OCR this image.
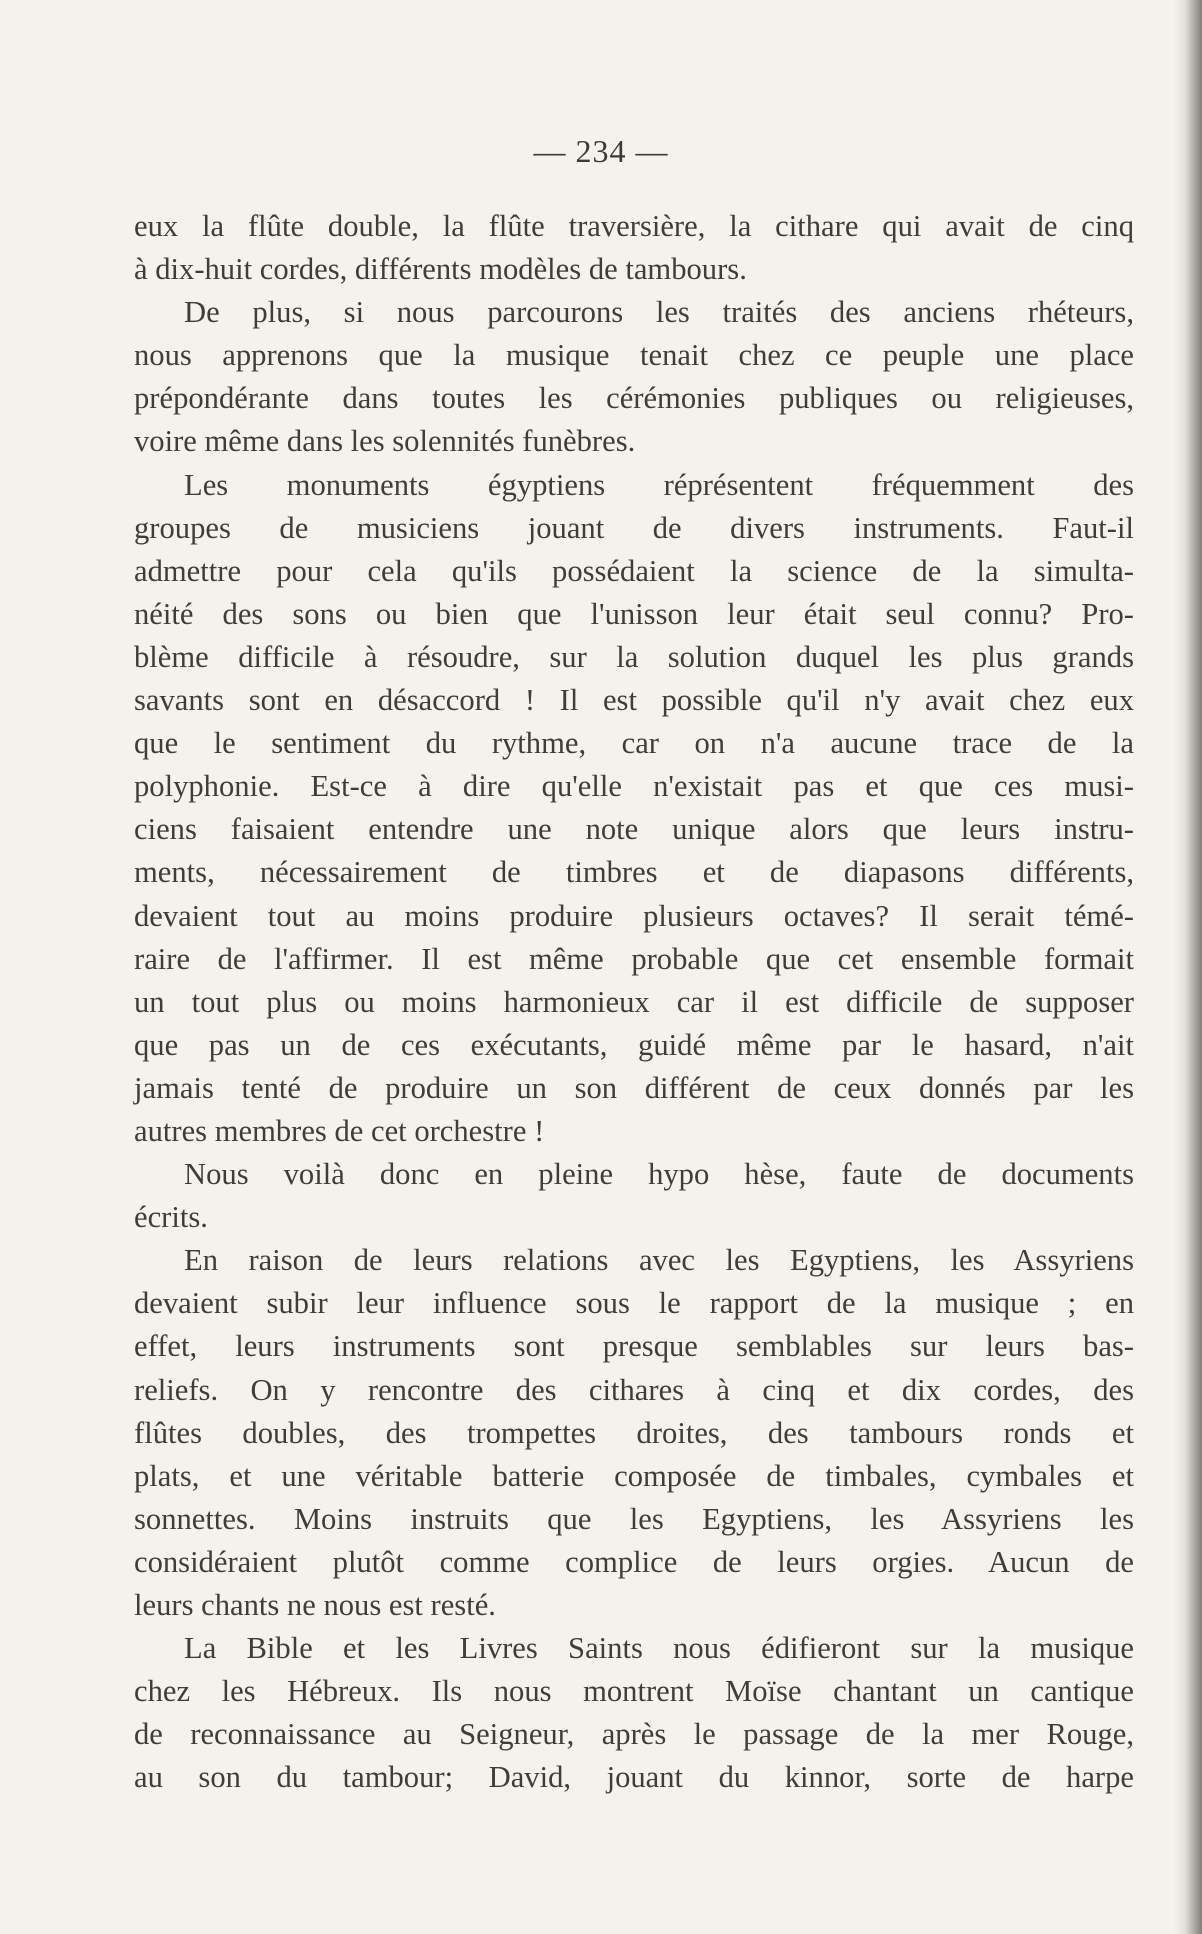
— 234 —
eux la flûte double, la flûte traversière, la cithare qui avait de cinq
à dix-huit cordes, différents modèles de tambours.
De plus, si nous parcourons les traités des anciens rhéteurs,
nous apprenons que la musique tenait chez ce peuple une place
prépondérante dans toutes les cérémonies publiques ou religieuses,
voire même dans les solennités funèbres.
Les monuments égyptiens réprésentent fréquemment des
groupes de musiciens jouant de divers instruments. Faut-il
admettre pour cela qu'ils possédaient la science de la simulta-
néité des sons ou bien que l'unisson leur était seul connu? Pro-
blème difficile à résoudre, sur la solution duquel les plus grands
savants sont en désaccord ! Il est possible qu'il n'y avait chez eux
que le sentiment du rythme, car on n'a aucune trace de la
polyphonie. Est-ce à dire qu'elle n'existait pas et que ces musi-
ciens faisaient entendre une note unique alors que leurs instru-
ments, nécessairement de timbres et de diapasons différents,
devaient tout au moins produire plusieurs octaves? Il serait témé-
raire de l'affirmer. Il est même probable que cet ensemble formait
un tout plus ou moins harmonieux car il est difficile de supposer
que pas un de ces exécutants, guidé même par le hasard, n'ait
jamais tenté de produire un son différent de ceux donnés par les
autres membres de cet orchestre !
Nous voilà donc en pleine hypo hèse, faute de documents
écrits.
En raison de leurs relations avec les Egyptiens, les Assyriens
devaient subir leur influence sous le rapport de la musique ; en
effet, leurs instruments sont presque semblables sur leurs bas-
reliefs. On y rencontre des cithares à cinq et dix cordes, des
flûtes doubles, des trompettes droites, des tambours ronds et
plats, et une véritable batterie composée de timbales, cymbales et
sonnettes. Moins instruits que les Egyptiens, les Assyriens les
considéraient plutôt comme complice de leurs orgies. Aucun de
leurs chants ne nous est resté.
La Bible et les Livres Saints nous édifieront sur la musique
chez les Hébreux. Ils nous montrent Moïse chantant un cantique
de reconnaissance au Seigneur, après le passage de la mer Rouge,
au son du tambour; David, jouant du kinnor, sorte de harpe
